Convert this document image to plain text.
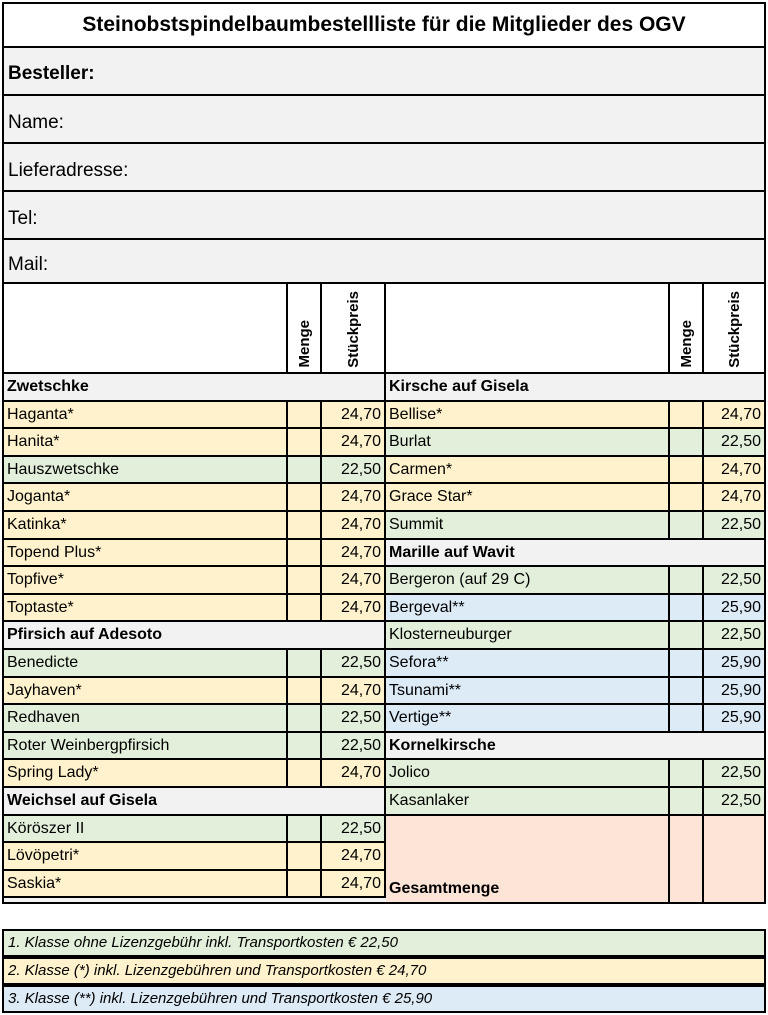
Steinobstspindelbaumbestellliste für die Mitglieder des OGV
Besteller:
Name:
Lieferadresse:
Tel:
Mail:
Menge Stückpreis	Menge Stückpreis
Zwetschke
Haganta*	24,70
Hanita*	24,70
Hauszwetschke	22,50
Joganta*	24,70
Katinka*	24,70
Topend Plus*	24,70
Topfive*	24,70
Toptaste*	24,70
Pfirsich auf Adesoto
Benedicte	22,50
Jayhaven*	24,70
Redhaven	22,50
Roter Weinbergpfirsich	22,50
Spring Lady*	24,70
Weichsel auf Gisela
Köröszer II	22,50
Lövöpetri*	24,70
Saskia*	24,70
Kirsche auf Gisela
Bellise*	24,70
Burlat	22,50
Carmen*	24,70
Grace Star*	24,70
Summit	22,50
Marille auf Wavit
Bergeron (auf 29 C)	22,50
Bergeval**	25,90
Klosterneuburger	22,50
Sefora**	25,90
Tsunami**	25,90
Vertige**	25,90
Kornelkirsche
Jolico	22,50
Kasanlaker	22,50
Gesamtmenge
1. Klasse ohne Lizenzgebühr inkl. Transportkosten € 22,50
2. Klasse (*) inkl. Lizenzgebühren und Transportkosten € 24,70
3. Klasse (**) inkl. Lizenzgebühren und Transportkosten € 25,90
